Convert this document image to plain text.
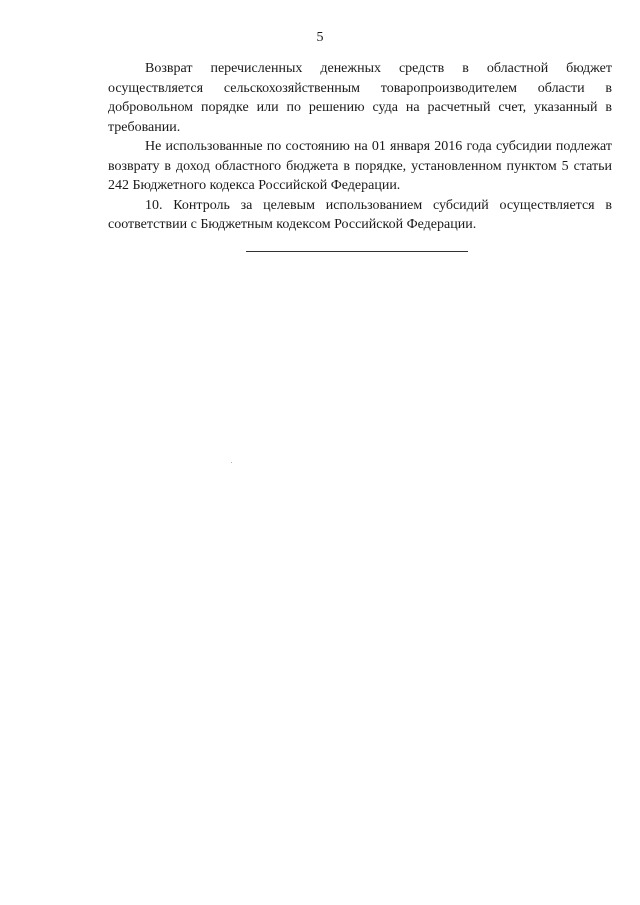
5

Возврат перечисленных денежных средств в областной бюджет осуществляется сельскохозяйственным товаропроизводителем области в добровольном порядке или по решению суда на расчетный счет, указанный в требовании.

Не использованные по состоянию на 01 января 2016 года субсидии подлежат возврату в доход областного бюджета в порядке, установленном пунктом 5 статьи 242 Бюджетного кодекса Российской Федерации.

10. Контроль за целевым использованием субсидий осуществляется в соответствии с Бюджетным кодексом Российской Федерации.
